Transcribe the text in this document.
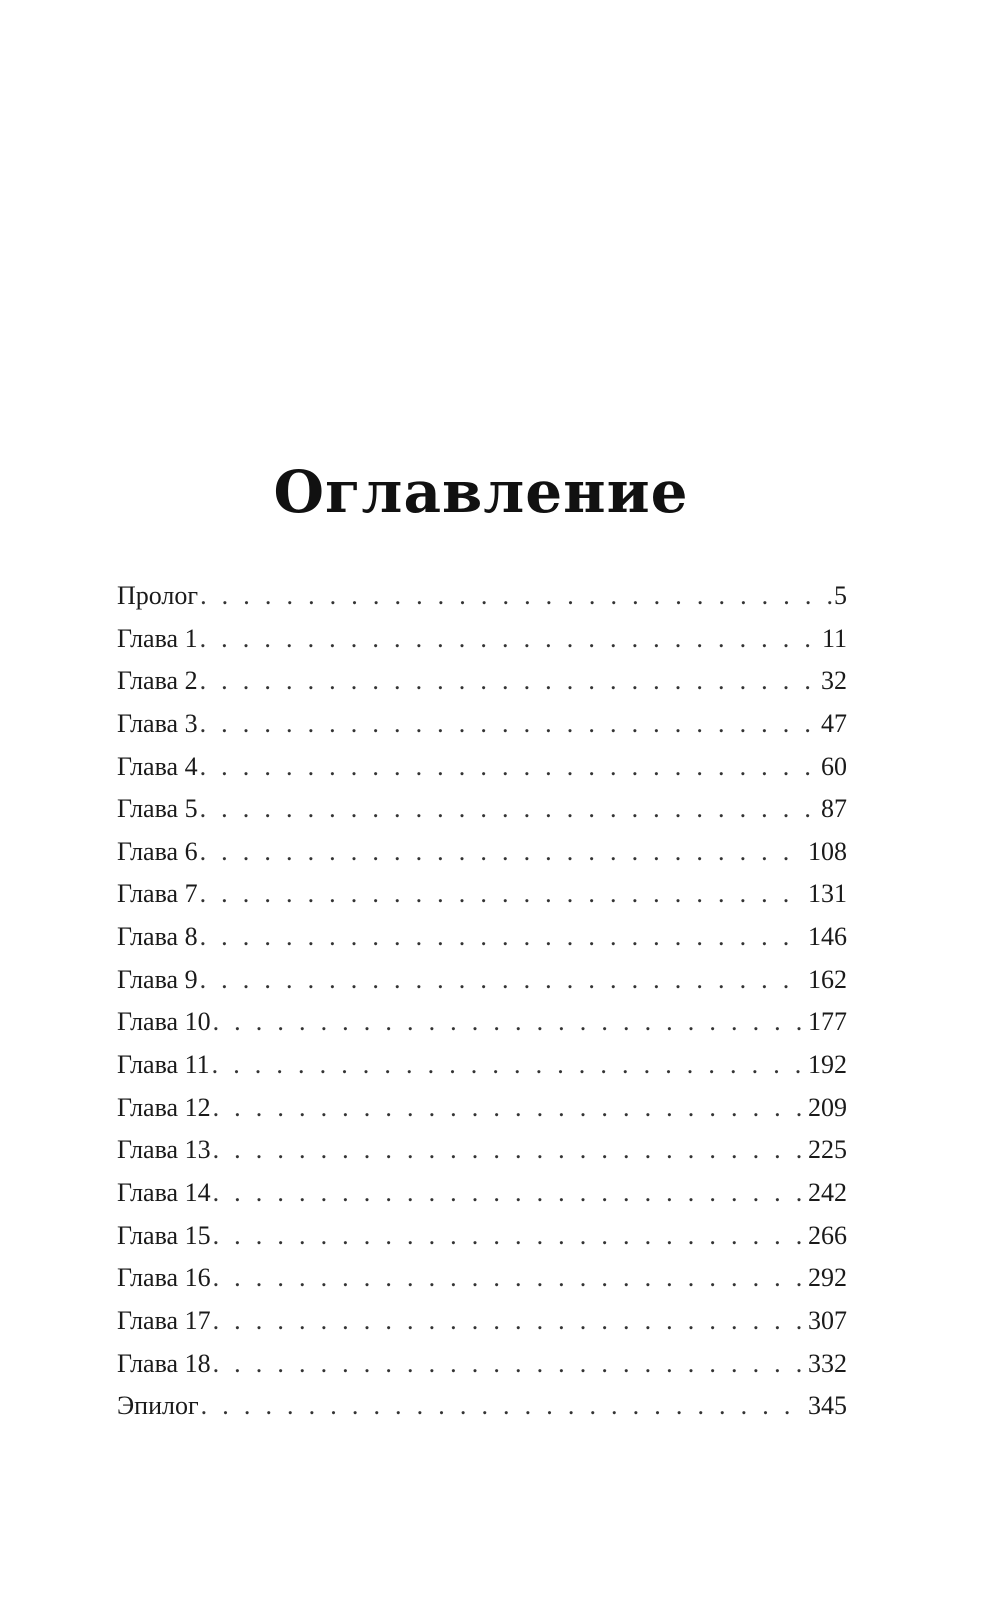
Оглавление
Пролог . . .	5
Глава 1 . . .	11
Глава 2 . . .	32
Глава 3 . . .	47
Глава 4 . . .	60
Глава 5 . . .	87
Глава 6 . . .	108
Глава 7 . . .	131
Глава 8 . . .	146
Глава 9 . . .	162
Глава 10 . . .	177
Глава 11 . . .	192
Глава 12 . . .	209
Глава 13 . . .	225
Глава 14 . . .	242
Глава 15 . . .	266
Глава 16 . . .	292
Глава 17 . . .	307
Глава 18 . . .	332
Эпилог . . .	345
